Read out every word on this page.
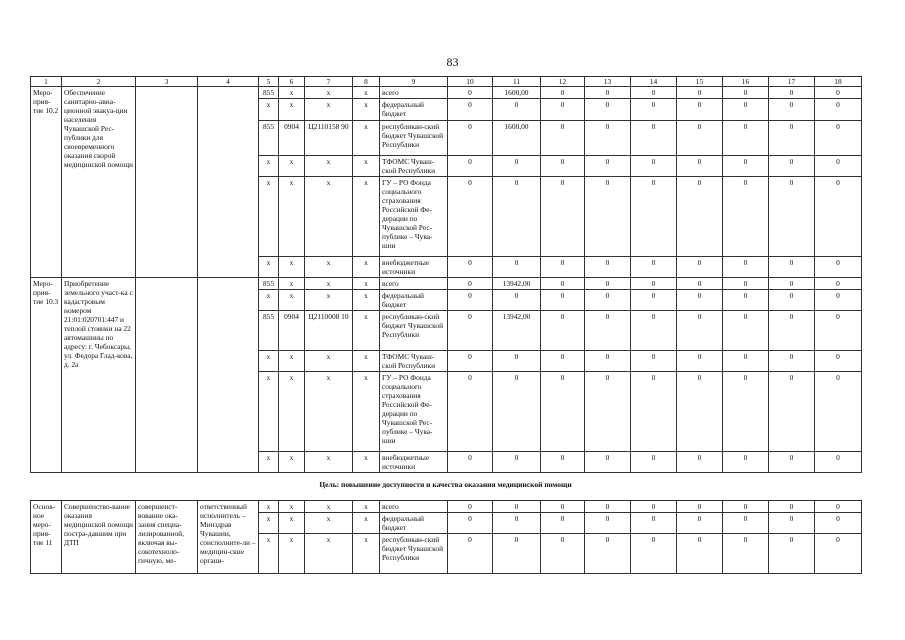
83
1	2	3	4	5	6	7	8	9	10	11	12	13	14	15	16	17	18
Меро-прия-тие 10.2	Обеспечение санитарно-авиа-ционной эвакуа-ции населения Чувашской Рес-публики для своевременного оказания скорой медицинской помощи			855	x	x	x	всего	0	1600,00	0	0	0	0	0	0	0
				x	x	x	x	федеральный бюджет	0	0	0	0	0	0	0	0	0
				855	0904	Ц2110158 90	x	республикан-ский бюджет Чувашской Республики	0	1600,00	0	0	0	0	0	0	0
				x	x	x	x	ТФОМС Чуваш-ской Республики	0	0	0	0	0	0	0	0	0
				x	x	x	x	ГУ – РО Фонда социального страхования Российской Фе-дерации по Чувашской Рес-публике – Чува-шии	0	0	0	0	0	0	0	0	0
				x	x	x	x	внебюджетные источники	0	0	0	0	0	0	0	0	0
Меро-прия-тие 10.3	Приобретение земельного участ-ка с кадастровым номером 21:01:020701:447 и теплой стоянки на 22 автомашины по адресу: г. Чебоксары, ул. Федора Глад-кова, д. 2а			855	x	x	x	всего	0	13942,00	0	0	0	0	0	0	0
				x	x	x	x	федеральный бюджет	0	0	0	0	0	0	0	0	0
				855	0904	Ц2110008 10	x	республикан-ский бюджет Чувашской Республики	0	13942,00	0	0	0	0	0	0	0
				x	x	x	x	ТФОМС Чуваш-ской Республики	0	0	0	0	0	0	0	0	0
				x	x	x	x	ГУ – РО Фонда социального страхования Российской Фе-дерации по Чувашской Рес-публике – Чува-шии	0	0	0	0	0	0	0	0	0
				x	x	x	x	внебюджетные источники	0	0	0	0	0	0	0	0	0
Цель: повышение доступности и качества оказания медицинской помощи
Основ-ное меро-прия-тие 11	Совершенство-вание оказания медицинской помощи постра-давшим при ДТП	совершенст-вование ока-зания специа-лизированной, включая вы-сокотехноло-гичную, ме-	ответственный исполнитель – Минздрав Чувашии, соисполните-ли – медицин-ские органи-	x	x	x	x	всего	0	0	0	0	0	0	0	0	0
				x	x	x	x	федеральный бюджет	0	0	0	0	0	0	0	0	0
				x	x	x	x	республикан-ский бюджет Чувашской Республики	0	0	0	0	0	0	0	0	0
